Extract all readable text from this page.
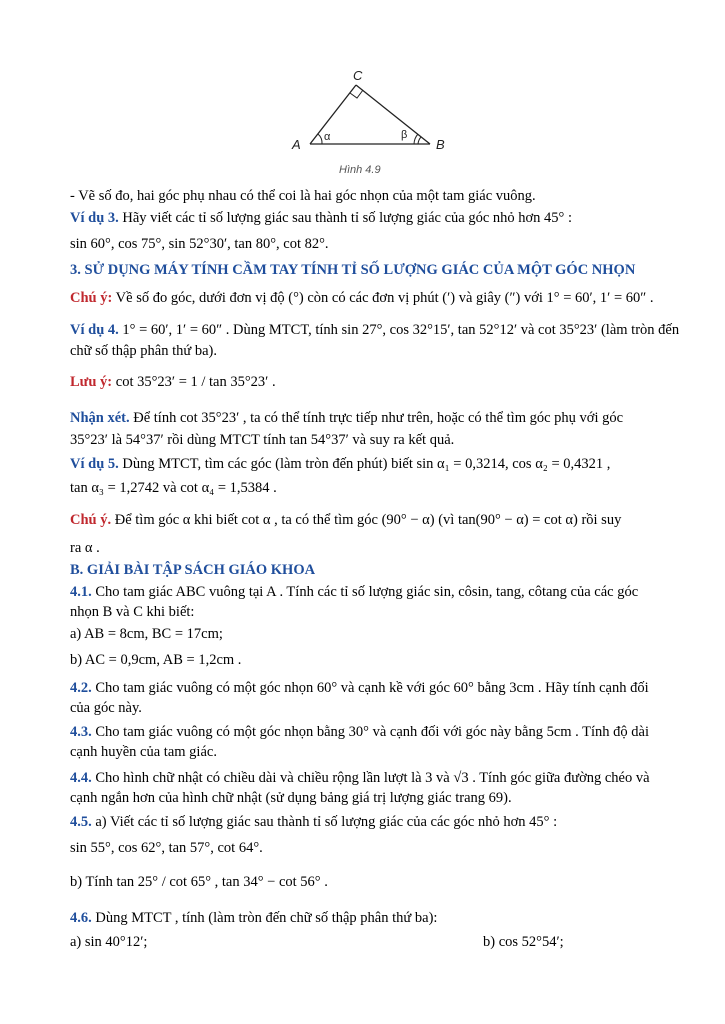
C
A	B
α	β
Hình 4.9
- Vẽ số đo, hai góc phụ nhau có thể coi là hai góc nhọn của một tam giác vuông.
Ví dụ 3. Hãy viết các tỉ số lượng giác sau thành tỉ số lượng giác của góc nhỏ hơn 45° :
sin 60°, cos 75°, sin 52°30′, tan 80°, cot 82°.
3. SỬ DỤNG MÁY TÍNH CẦM TAY TÍNH TỈ SỐ LƯỢNG GIÁC CỦA MỘT GÓC NHỌN
Chú ý: Về số đo góc, dưới đơn vị độ (°) còn có các đơn vị phút (′) và giây (″) với 1° = 60′, 1′ = 60″ .
Ví dụ 4. 1° = 60′, 1′ = 60″ . Dùng MTCT, tính sin 27°, cos 32°15′, tan 52°12′ và cot 35°23′ (làm tròn đến
chữ số thập phân thứ ba).
Lưu ý: cot 35°23′ = 1 / tan 35°23′ .
Nhận xét. Để tính cot 35°23′ , ta có thể tính trực tiếp như trên, hoặc có thể tìm góc phụ với góc
35°23′ là 54°37′ rồi dùng MTCT tính tan 54°37′ và suy ra kết quả.
Ví dụ 5. Dùng MTCT, tìm các góc (làm tròn đến phút) biết sin α₁ = 0,3214, cos α₂ = 0,4321 ,
tan α₃ = 1,2742 và cot α₄ = 1,5384 .
Chú ý. Để tìm góc α khi biết cot α , ta có thể tìm góc (90° − α) (vì tan(90° − α) = cot α) rồi suy
ra α .
B. GIẢI BÀI TẬP SÁCH GIÁO KHOA
4.1. Cho tam giác ABC vuông tại A . Tính các tỉ số lượng giác sin, côsin, tang, côtang của các góc
nhọn B và C khi biết:
a) AB = 8cm, BC = 17cm;
b) AC = 0,9cm, AB = 1,2cm .
4.2. Cho tam giác vuông có một góc nhọn 60° và cạnh kề với góc 60° bằng 3cm . Hãy tính cạnh đối
của góc này.
4.3. Cho tam giác vuông có một góc nhọn bằng 30° và cạnh đối với góc này bằng 5cm . Tính độ dài
cạnh huyền của tam giác.
4.4. Cho hình chữ nhật có chiều dài và chiều rộng lần lượt là 3 và √3 . Tính góc giữa đường chéo và
cạnh ngắn hơn của hình chữ nhật (sử dụng bảng giá trị lượng giác trang 69).
4.5. a) Viết các tỉ số lượng giác sau thành tỉ số lượng giác của các góc nhỏ hơn 45° :
sin 55°, cos 62°, tan 57°, cot 64°.
b) Tính tan 25° / cot 65° , tan 34° − cot 56° .
4.6. Dùng MTCT , tính (làm tròn đến chữ số thập phân thứ ba):
a) sin 40°12′;	b) cos 52°54′;
